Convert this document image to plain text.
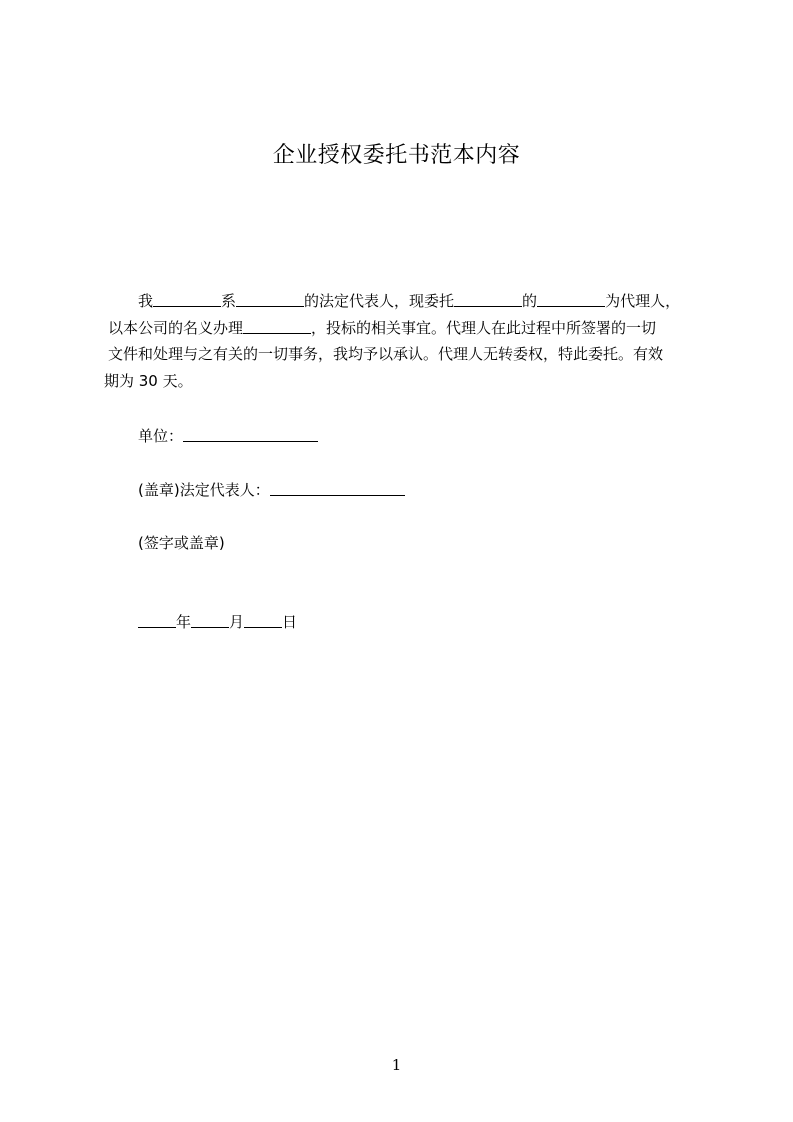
企业授权委托书范本内容
我	系	的法定代表人，现委托	的	为代理人，
以本公司的名义办理	，投标的相关事宜。代理人在此过程中所签署的一切
文件和处理与之有关的一切事务，我均予以承认。代理人无转委权，特此委托。有效
期为 30 天。
单位：
(盖章)法定代表人：
(签字或盖章)
年	月	日
1
